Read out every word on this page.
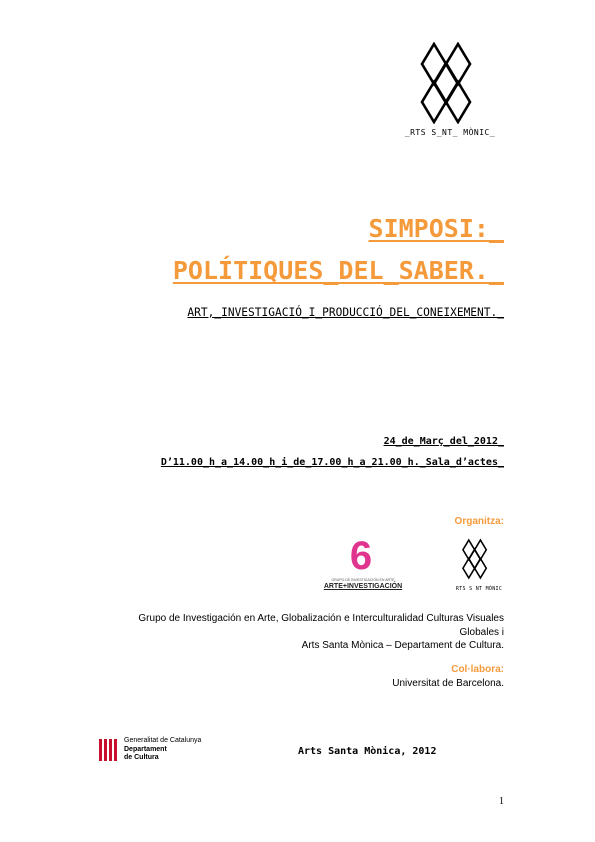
_RTS S_NT_ MÒNIC_
SIMPOSI:_
POLÍTIQUES_DEL_SABER._
ART,_INVESTIGACIÓ_I_PRODUCCIÓ_DEL_CONEIXEMENT._
24_de_Març_del_2012_
D’11.00_h_a_14.00_h_i_de_17.00_h_a_21.00_h._Sala_d’actes_
Organitza:
6
GRUPO DE INVESTIGACIÓN EN ARTE
ARTE+INVESTIGACIÓN	RTS S NT MÒNIC
Grupo de Investigación en Arte, Globalización e Interculturalidad Culturas Visuales
Globales i
Arts Santa Mònica – Departament de Cultura.
Col·labora:
Universitat de Barcelona.
Generalitat de Catalunya
Departament
de Cultura
Arts Santa Mònica, 2012
1
